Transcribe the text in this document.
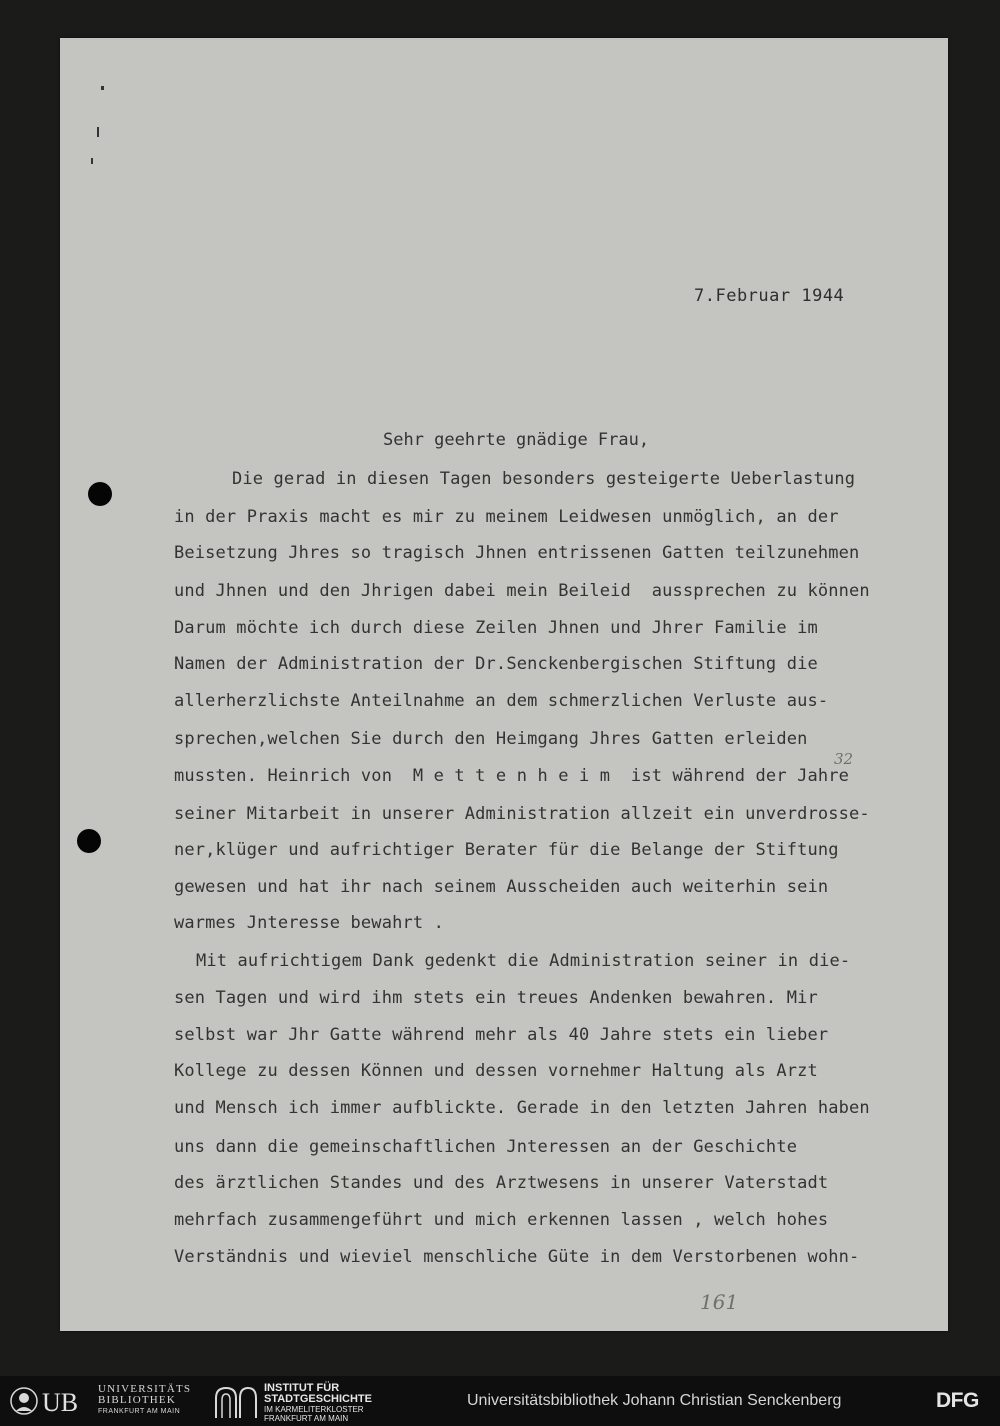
7.Februar 1944
Sehr geehrte gnädige Frau,
Die gerad in diesen Tagen besonders gesteigerte Ueberlastung
in der Praxis macht es mir zu meinem Leidwesen unmöglich, an der
Beisetzung Jhres so tragisch Jhnen entrissenen Gatten teilzunehmen
und Jhnen und den Jhrigen dabei mein Beileid  aussprechen zu können
Darum möchte ich durch diese Zeilen Jhnen und Jhrer Familie im
Namen der Administration der Dr.Senckenbergischen Stiftung die
allerherzlichste Anteilnahme an dem schmerzlichen Verluste aus-
sprechen,welchen Sie durch den Heimgang Jhres Gatten erleiden
mussten. Heinrich von  M e t t e n h e i m  ist während der Jahre
seiner Mitarbeit in unserer Administration allzeit ein unverdrosse-
ner,klüger und aufrichtiger Berater für die Belange der Stiftung
gewesen und hat ihr nach seinem Ausscheiden auch weiterhin sein
warmes Jnteresse bewahrt .
Mit aufrichtigem Dank gedenkt die Administration seiner in die-
sen Tagen und wird ihm stets ein treues Andenken bewahren. Mir
selbst war Jhr Gatte während mehr als 40 Jahre stets ein lieber
Kollege zu dessen Können und dessen vornehmer Haltung als Arzt
und Mensch ich immer aufblickte. Gerade in den letzten Jahren haben
uns dann die gemeinschaftlichen Jnteressen an der Geschichte
des ärztlichen Standes und des Arztwesens in unserer Vaterstadt
mehrfach zusammengeführt und mich erkennen lassen , welch hohes
Verständnis und wieviel menschliche Güte in dem Verstorbenen wohn-
32
161
UB UNIVERSITÄTS
BIBLIOTHEK
FRANKFURT AM MAIN
INSTITUT FÜR
STADTGESCHICHTE
IM KARMELITERKLOSTER
FRANKFURT AM MAIN
Universitätsbibliothek Johann Christian Senckenberg	DFG
